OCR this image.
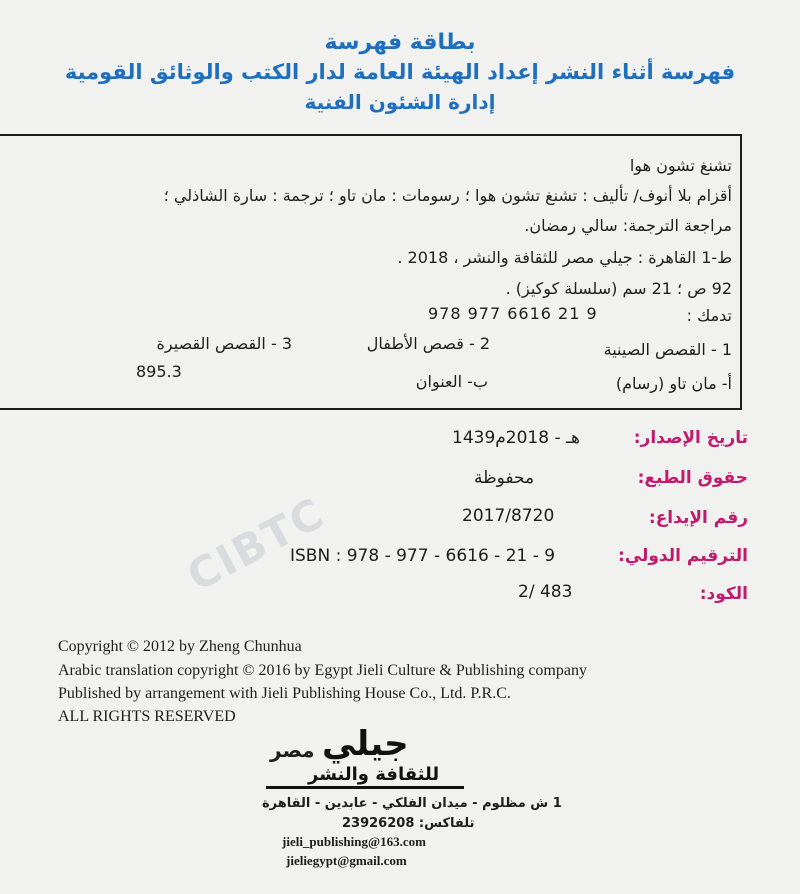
بطاقة فهرسة
فهرسة أثناء النشر إعداد الهيئة العامة لدار الكتب والوثائق القومية
إدارة الشئون الفنية
تشنغ تشون هوا
أقزام بلا أنوف/ تأليف : تشنغ تشون هوا ؛ رسومات : مان تاو ؛ ترجمة : سارة الشاذلي ؛
مراجعة الترجمة: سالي رمضان.
ط-1 القاهرة : جيلي مصر للثقافة والنشر ، 2018 .
92 ص ؛ 21 سم (سلسلة كوكيز) .
تدمك :
978 977 6616 21 9
1 - القصص الصينية
2 - قصص الأطفال
3 - القصص القصيرة
أ- مان تاو (رسام)
ب- العنوان
895.3
CIBTC
تاريخ الإصدار:
1439هـ - 2018م
حقوق الطبع:
محفوظة
رقم الإيداع:
2017/8720
الترقيم الدولي:
ISBN : 978 - 977 - 6616 - 21 - 9
الكود:
2/ 483
Copyright © 2012 by Zheng Chunhua
Arabic translation copyright © 2016 by Egypt Jieli Culture & Publishing company
Published by arrangement with Jieli Publishing House Co., Ltd. P.R.C.
ALL RIGHTS RESERVED
مصر جيلي
للثقافة والنشر
1 ش مظلوم - ميدان الفلكي - عابدين - القاهرة
تلفاكس: 23926208
jieli_publishing@163.com
jieliegypt@gmail.com
